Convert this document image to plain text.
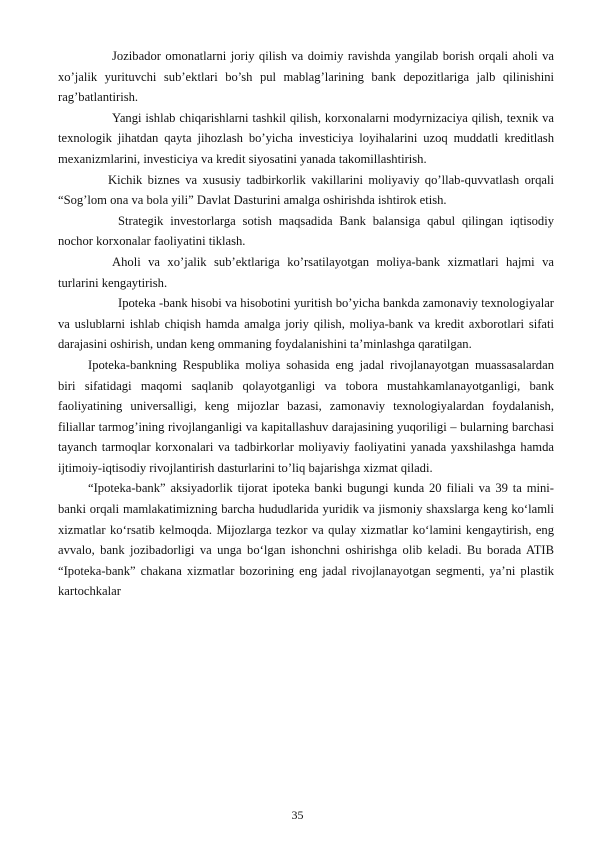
Jozibador omonatlarni joriy qilish va doimiy ravishda yangilab borish orqali aholi va xo’jalik yurituvchi sub’ektlari bo’sh pul mablag’larining bank depozitlariga jalb qilinishini rag’batlantirish.

Yangi ishlab chiqarishlarni tashkil qilish, korxonalarni modyrnizaciya qilish, texnik va texnologik jihatdan qayta jihozlash bo’yicha investiciya loyihalarini uzoq muddatli kreditlash mexanizmlarini, investiciya va kredit siyosatini yanada takomillashtirish.

Kichik biznes va xususiy tadbirkorlik vakillarini moliyaviy qo’llab-quvvatlash orqali “Sog’lom ona va bola yili” Davlat Dasturini amalga oshirishda ishtirok etish.

Strategik investorlarga sotish maqsadida Bank balansiga qabul qilingan iqtisodiy nochor korxonalar faoliyatini tiklash.

Aholi va xo’jalik sub’ektlariga ko’rsatilayotgan moliya-bank xizmatlari hajmi va turlarini kengaytirish.

Ipoteka -bank hisobi va hisobotini yuritish bo’yicha bankda zamonaviy texnologiyalar va uslublarni ishlab chiqish hamda amalga joriy qilish, moliya-bank va kredit axborotlari sifati darajasini oshirish, undan keng ommaning foydalanishini ta’minlashga qaratilgan.

Ipoteka-bankning Respublika moliya sohasida eng jadal rivojlanayotgan muassasalardan biri sifatidagi maqomi saqlanib qolayotganligi va tobora mustahkamlanayotganligi, bank faoliyatining universalligi, keng mijozlar bazasi, zamonaviy texnologiyalardan foydalanish, filiallar tarmog’ining rivojlanganligi va kapitallashuv darajasining yuqoriligi – bularning barchasi tayanch tarmoqlar korxonalari va tadbirkorlar moliyaviy faoliyatini yanada yaxshilashga hamda ijtimoiy-iqtisodiy rivojlantirish dasturlarini to’liq bajarishga xizmat qiladi.

“Ipoteka-bank” aksiyadorlik tijorat ipoteka banki bugungi kunda 20 filiali va 39 ta mini-banki orqali mamlakatimizning barcha hududlarida yuridik va jismoniy shaxslarga keng ko‘lamli xizmatlar ko‘rsatib kelmoqda. Mijozlarga tezkor va qulay xizmatlar ko‘lamini kengaytirish, eng avvalo, bank jozibadorligi va unga bo‘lgan ishonchni oshirishga olib keladi. Bu borada ATIB “Ipoteka-bank” chakana xizmatlar bozorining eng jadal rivojlanayotgan segmenti, ya’ni plastik kartochkalar

35
